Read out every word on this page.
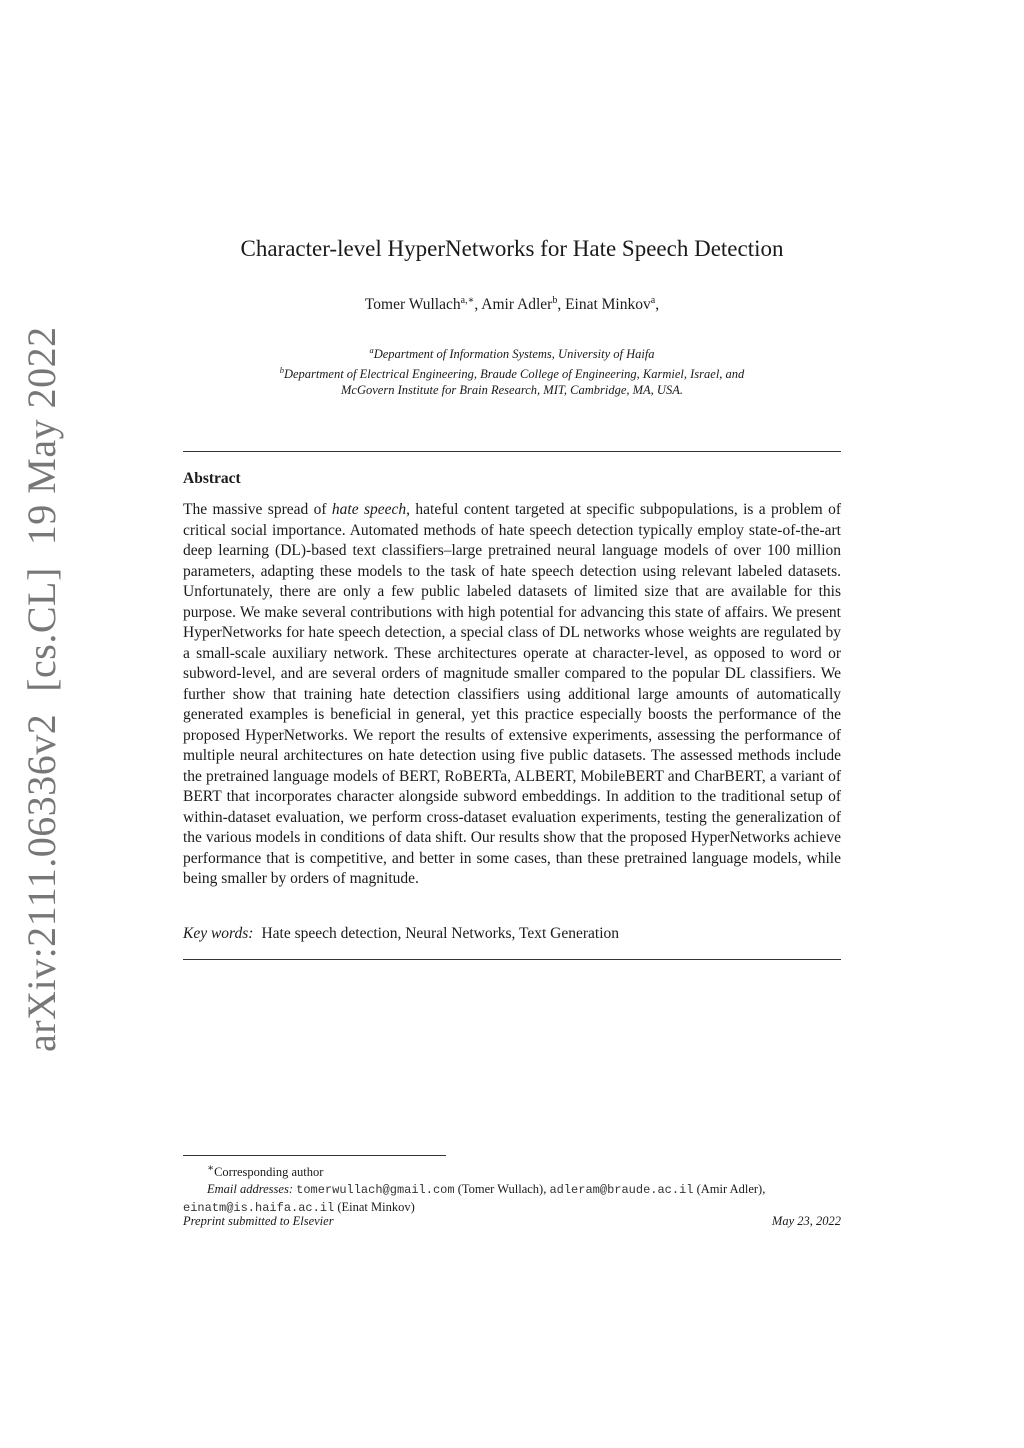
arXiv:2111.06336v2[cs.CL]19 May 2022
Character-level HyperNetworks for Hate Speech Detection
Tomer Wullach$^{a,∗}$, Amir Adler$^b$, Einat Minkov$^a$,
$^a$Department of Information Systems, University of Haifa
$^b$Department of Electrical Engineering, Braude College of Engineering, Karmiel, Israel, and
McGovern Institute for Brain Research, MIT, Cambridge, MA, USA.
Abstract
The massive spread of hate speech, hateful content targeted at specific subpopulations, is a problem of critical social importance. Automated methods of hate speech detection typically employ state-of-the-art deep learning (DL)-based text classifiers–large pretrained neural language models of over 100 million parameters, adapting these models to the task of hate speech detection using relevant labeled datasets. Unfortunately, there are only a few public labeled datasets of limited size that are available for this purpose. We make several contributions with high potential for advancing this state of affairs. We present HyperNetworks for hate speech detection, a special class of DL networks whose weights are regulated by a small-scale auxiliary network. These architectures operate at character-level, as opposed to word or subword-level, and are several orders of magnitude smaller compared to the popular DL classifiers. We further show that training hate detection classifiers using additional large amounts of automatically generated examples is beneficial in general, yet this practice especially boosts the performance of the proposed HyperNetworks. We report the results of extensive experiments, assessing the performance of multiple neural architectures on hate detection using five public datasets. The assessed methods include the pretrained language models of BERT, RoBERTa, ALBERT, MobileBERT and CharBERT, a variant of BERT that incorporates character alongside subword embeddings. In addition to the traditional setup of within-dataset evaluation, we perform cross-dataset evaluation experiments, testing the generalization of the various models in conditions of data shift. Our results show that the proposed HyperNetworks achieve performance that is competitive, and better in some cases, than these pretrained language models, while being smaller by orders of magnitude.
Key words: Hate speech detection, Neural Networks, Text Generation
∗Corresponding author
Email addresses: tomerwullach@gmail.com (Tomer Wullach), adleram@braude.ac.il (Amir Adler),
einatm@is.haifa.ac.il (Einat Minkov)
Preprint submitted to Elsevier	May 23, 2022
